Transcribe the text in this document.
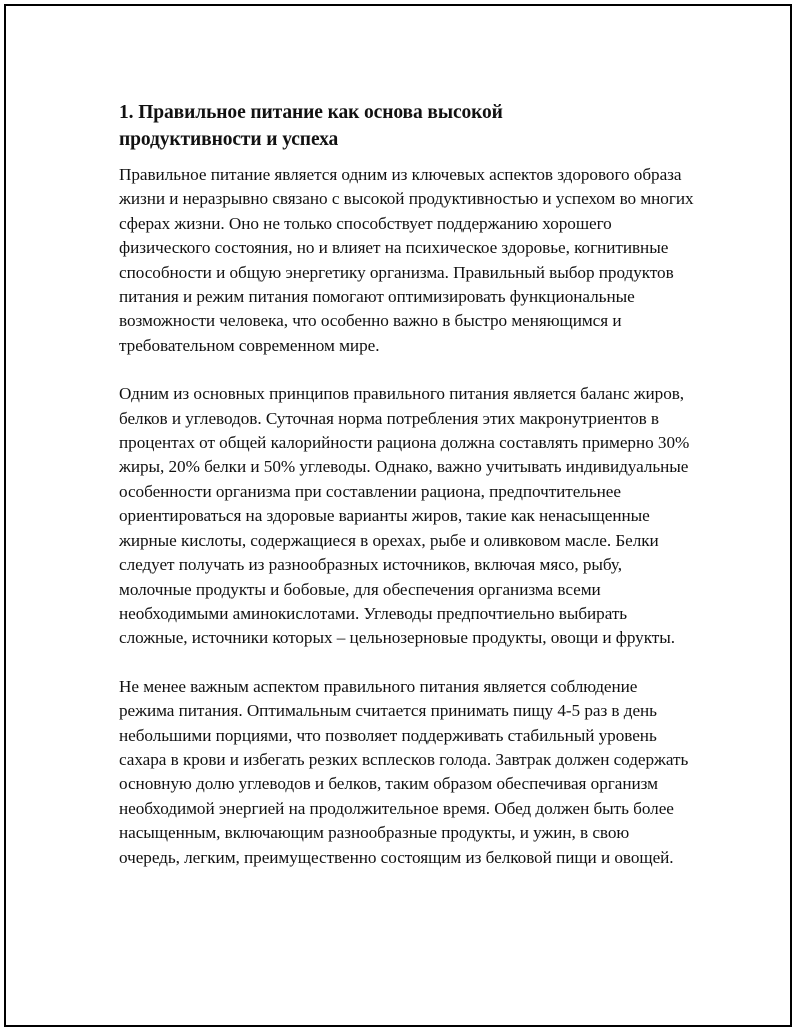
1. Правильное питание как основа высокой
продуктивности и успеха

Правильное питание является одним из ключевых аспектов здорового образа жизни и неразрывно связано с высокой продуктивностью и успехом во многих сферах жизни. Оно не только способствует поддержанию хорошего физического состояния, но и влияет на психическое здоровье, когнитивные способности и общую энергетику организма. Правильный выбор продуктов питания и режим питания помогают оптимизировать функциональные возможности человека, что особенно важно в быстро меняющимся и требовательном современном мире.

Одним из основных принципов правильного питания является баланс жиров, белков и углеводов. Суточная норма потребления этих макронутриентов в процентах от общей калорийности рациона должна составлять примерно 30% жиры, 20% белки и 50% углеводы. Однако, важно учитывать индивидуальные особенности организма при составлении рациона, предпочтительнее ориентироваться на здоровые варианты жиров, такие как ненасыщенные жирные кислоты, содержащиеся в орехах, рыбе и оливковом масле. Белки следует получать из разнообразных источников, включая мясо, рыбу, молочные продукты и бобовые, для обеспечения организма всеми необходимыми аминокислотами. Углеводы предпочтиельно выбирать сложные, источники которых – цельнозерновые продукты, овощи и фрукты.

Не менее важным аспектом правильного питания является соблюдение режима питания. Оптимальным считается принимать пищу 4-5 раз в день небольшими порциями, что позволяет поддерживать стабильный уровень сахара в крови и избегать резких всплесков голода. Завтрак должен содержать основную долю углеводов и белков, таким образом обеспечивая организм необходимой энергией на продолжительное время. Обед должен быть более насыщенным, включающим разнообразные продукты, и ужин, в свою очередь, легким, преимущественно состоящим из белковой пищи и овощей.
